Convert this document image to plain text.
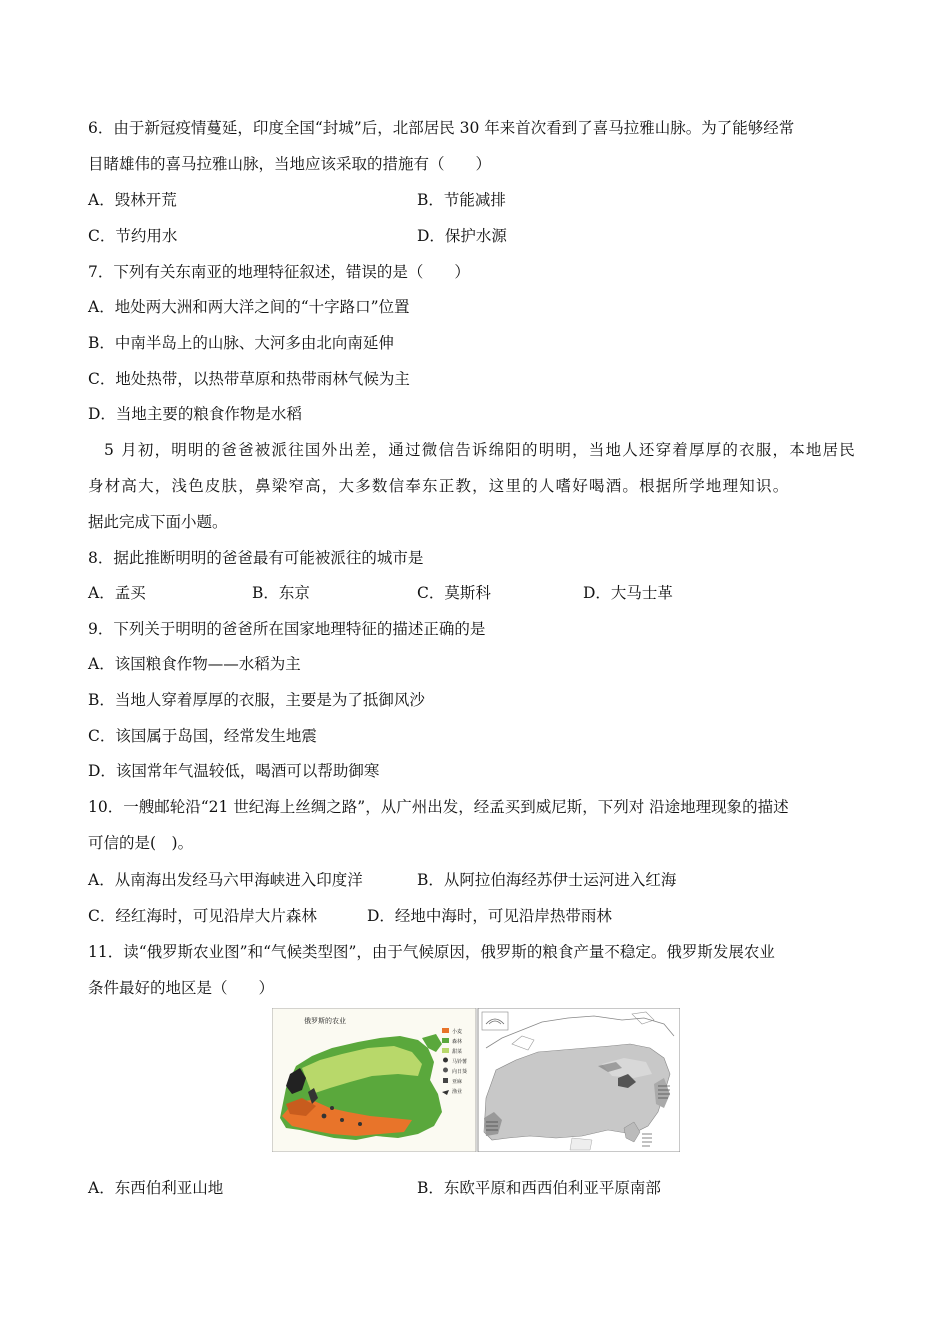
6．由于新冠疫情蔓延，印度全国“封城”后，北部居民 30 年来首次看到了喜马拉雅山脉。为了能够经常
目睹雄伟的喜马拉雅山脉，当地应该采取的措施有（　　）
A．毁林开荒	B．节能减排
C．节约用水	D．保护水源
7．下列有关东南亚的地理特征叙述，错误的是（　　）
A．地处两大洲和两大洋之间的“十字路口”位置
B．中南半岛上的山脉、大河多由北向南延伸
C．地处热带，以热带草原和热带雨林气候为主
D．当地主要的粮食作物是水稻
5 月初，明明的爸爸被派往国外出差，通过微信告诉绵阳的明明，当地人还穿着厚厚的衣服，本地居民
身材高大，浅色皮肤，鼻梁窄高，大多数信奉东正教，这里的人嗜好喝酒。根据所学地理知识。
据此完成下面小题。
8．据此推断明明的爸爸最有可能被派往的城市是
A．孟买	B．东京	C．莫斯科	D．大马士革
9．下列关于明明的爸爸所在国家地理特征的描述正确的是
A．该国粮食作物——水稻为主
B．当地人穿着厚厚的衣服，主要是为了抵御风沙
C．该国属于岛国，经常发生地震
D．该国常年气温较低，喝酒可以帮助御寒
10．一艘邮轮沿“21 世纪海上丝绸之路”，从广州出发，经孟买到威尼斯，下列对 沿途地理现象的描述
可信的是(　)。
A．从南海出发经马六甲海峡进入印度洋	B．从阿拉伯海经苏伊士运河进入红海
C．经红海时，可见沿岸大片森林	D．经地中海时，可见沿岸热带雨林
11．读“俄罗斯农业图”和“气候类型图”，由于气候原因，俄罗斯的粮食产量不稳定。俄罗斯发展农业
条件最好的地区是（　　）
俄罗斯的农业
小麦
森林
甜菜
马铃薯
向日葵
亚麻
渔业
A．东西伯利亚山地	B．东欧平原和西西伯利亚平原南部
